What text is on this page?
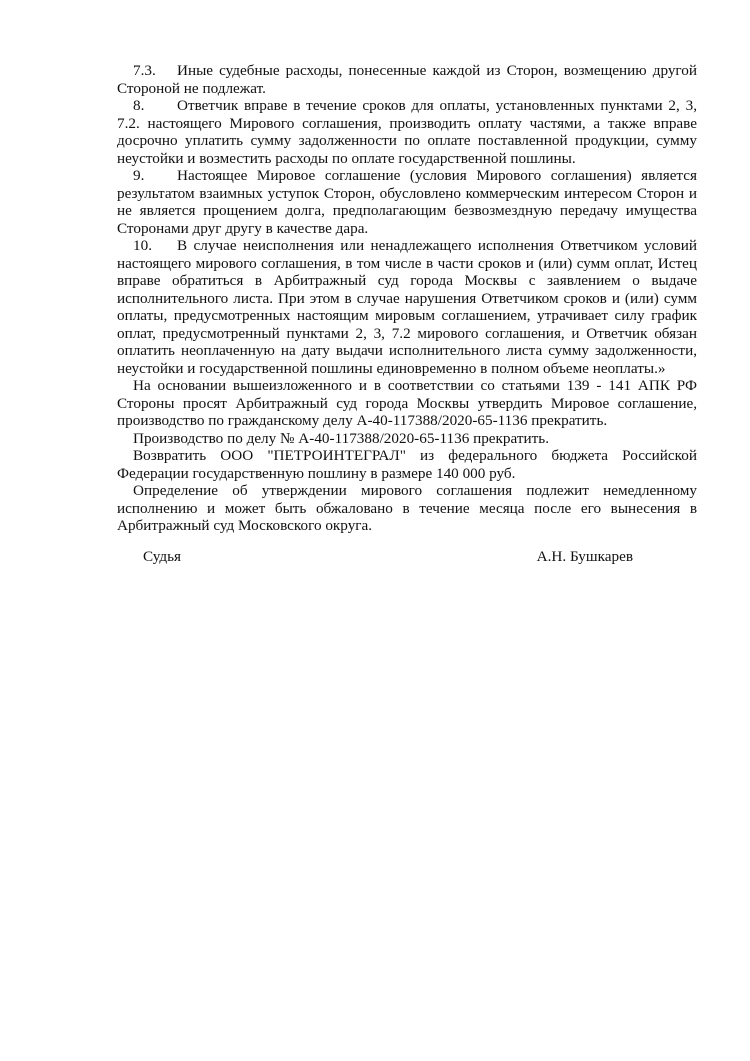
7.3. Иные судебные расходы, понесенные каждой из Сторон, возмещению другой Стороной не подлежат.

8. Ответчик вправе в течение сроков для оплаты, установленных пунктами 2, 3, 7.2. настоящего Мирового соглашения, производить оплату частями, а также вправе досрочно уплатить сумму задолженности по оплате поставленной продукции, сумму неустойки и возместить расходы по оплате государственной пошлины.

9. Настоящее Мировое соглашение (условия Мирового соглашения) является результатом взаимных уступок Сторон, обусловлено коммерческим интересом Сторон и не является прощением долга, предполагающим безвозмездную передачу имущества Сторонами друг другу в качестве дара.

10. В случае неисполнения или ненадлежащего исполнения Ответчиком условий настоящего мирового соглашения, в том числе в части сроков и (или) сумм оплат, Истец вправе обратиться в Арбитражный суд города Москвы с заявлением о выдаче исполнительного листа. При этом в случае нарушения Ответчиком сроков и (или) сумм оплаты, предусмотренных настоящим мировым соглашением, утрачивает силу график оплат, предусмотренный пунктами 2, 3, 7.2 мирового соглашения, и Ответчик обязан оплатить неоплаченную на дату выдачи исполнительного листа сумму задолженности, неустойки и государственной пошлины единовременно в полном объеме неоплаты.»

На основании вышеизложенного и в соответствии со статьями 139 - 141 АПК РФ Стороны просят Арбитражный суд города Москвы утвердить Мировое соглашение, производство по гражданскому делу А-40-117388/2020-65-1136 прекратить.

Производство по делу № А-40-117388/2020-65-1136 прекратить.

Возвратить ООО "ПЕТРОИНТЕГРАЛ" из федерального бюджета Российской Федерации государственную пошлину в размере 140 000 руб.

Определение об утверждении мирового соглашения подлежит немедленному исполнению и может быть обжаловано в течение месяца после его вынесения в Арбитражный суд Московского округа.

Судья	А.Н. Бушкарев
